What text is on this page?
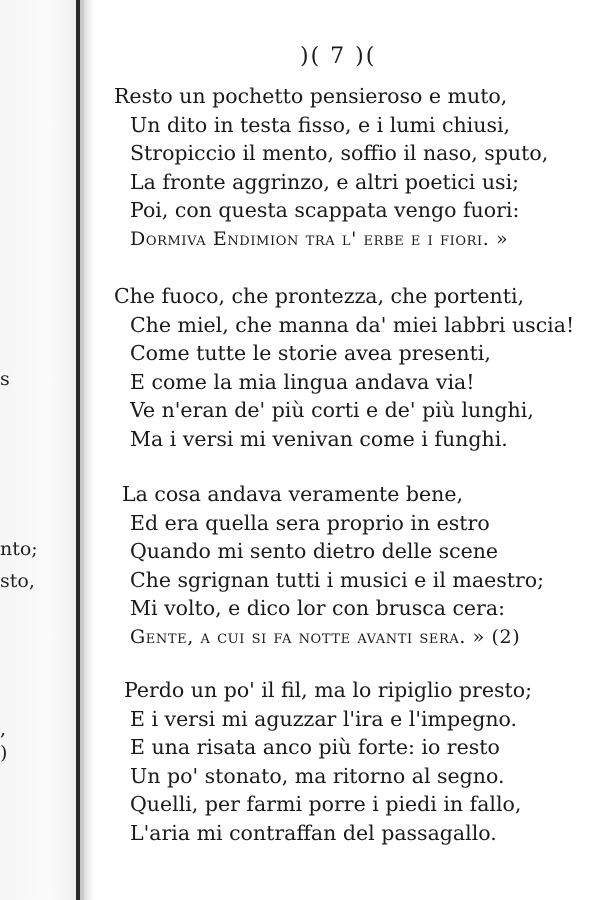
s
nto;
sto,
,
)
)( 7 )(
Resto un pochetto pensieroso e muto,
Un dito in testa fisso, e i lumi chiusi,
Stropiccio il mento, soffio il naso, sputo,
La fronte aggrinzo, e altri poetici usi;
Poi, con questa scappata vengo fuori:
Dormiva Endimion tra l' erbe e i fiori. »
Che fuoco, che prontezza, che portenti,
Che miel, che manna da' miei labbri uscia!
Come tutte le storie avea presenti,
E come la mia lingua andava via!
Ve n'eran de' più corti e de' più lunghi,
Ma i versi mi venivan come i funghi.
La cosa andava veramente bene,
Ed era quella sera proprio in estro
Quando mi sento dietro delle scene
Che sgrignan tutti i musici e il maestro;
Mi volto, e dico lor con brusca cera:
Gente, a cui si fa notte avanti sera. » (2)
Perdo un po' il fil, ma lo ripiglio presto;
E i versi mi aguzzar l'ira e l'impegno.
E una risata anco più forte: io resto
Un po' stonato, ma ritorno al segno.
Quelli, per farmi porre i piedi in fallo,
L'aria mi contraffan del passagallo.
